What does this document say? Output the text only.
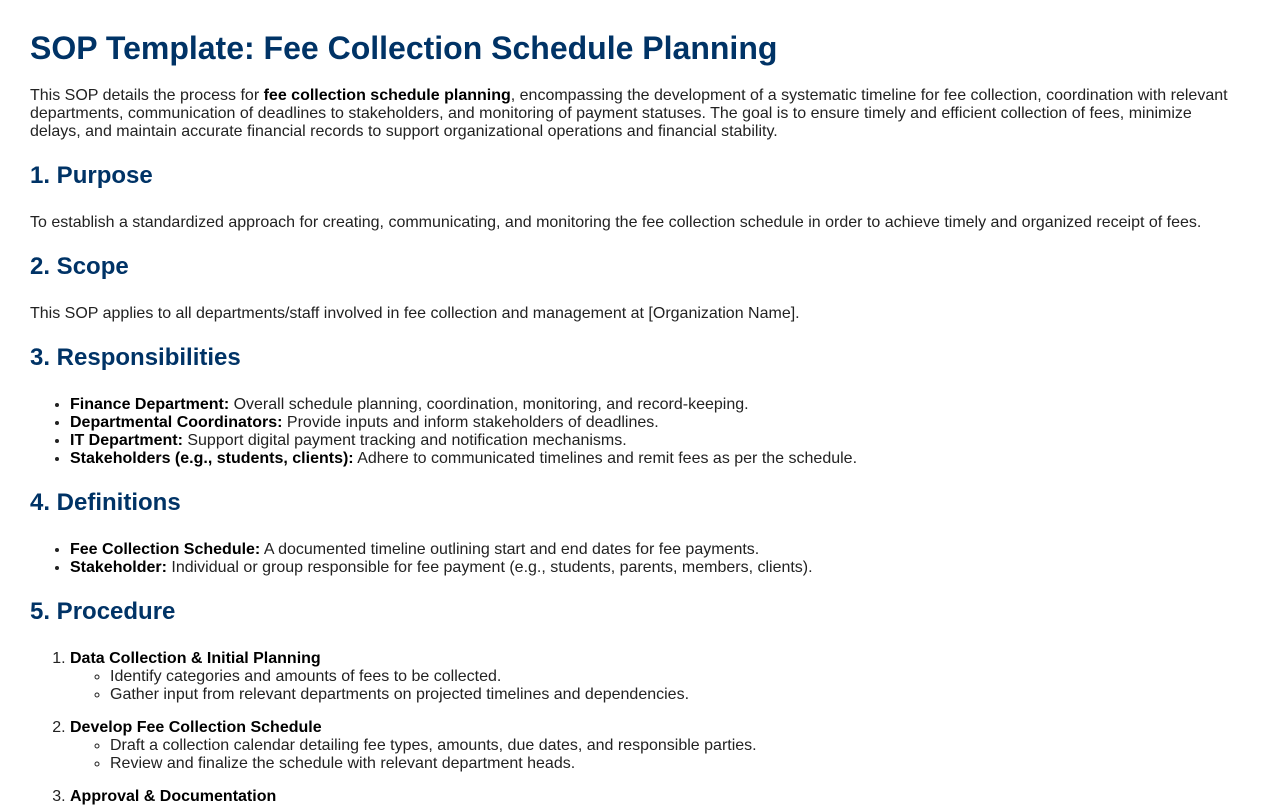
SOP Template: Fee Collection Schedule Planning

This SOP details the process for fee collection schedule planning, encompassing the development of a systematic timeline for fee collection, coordination with relevant departments, communication of deadlines to stakeholders, and monitoring of payment statuses. The goal is to ensure timely and efficient collection of fees, minimize delays, and maintain accurate financial records to support organizational operations and financial stability.

1. Purpose

To establish a standardized approach for creating, communicating, and monitoring the fee collection schedule in order to achieve timely and organized receipt of fees.

2. Scope

This SOP applies to all departments/staff involved in fee collection and management at [Organization Name].

3. Responsibilities
• Finance Department: Overall schedule planning, coordination, monitoring, and record-keeping.
• Departmental Coordinators: Provide inputs and inform stakeholders of deadlines.
• IT Department: Support digital payment tracking and notification mechanisms.
• Stakeholders (e.g., students, clients): Adhere to communicated timelines and remit fees as per the schedule.
4. Definitions
• Fee Collection Schedule: A documented timeline outlining start and end dates for fee payments.
• Stakeholder: Individual or group responsible for fee payment (e.g., students, parents, members, clients).
5. Procedure
1. Data Collection & Initial Planning
◦ Identify categories and amounts of fees to be collected.
◦ Gather input from relevant departments on projected timelines and dependencies.
2. Develop Fee Collection Schedule
◦ Draft a collection calendar detailing fee types, amounts, due dates, and responsible parties.
◦ Review and finalize the schedule with relevant department heads.
3. Approval & Documentation
